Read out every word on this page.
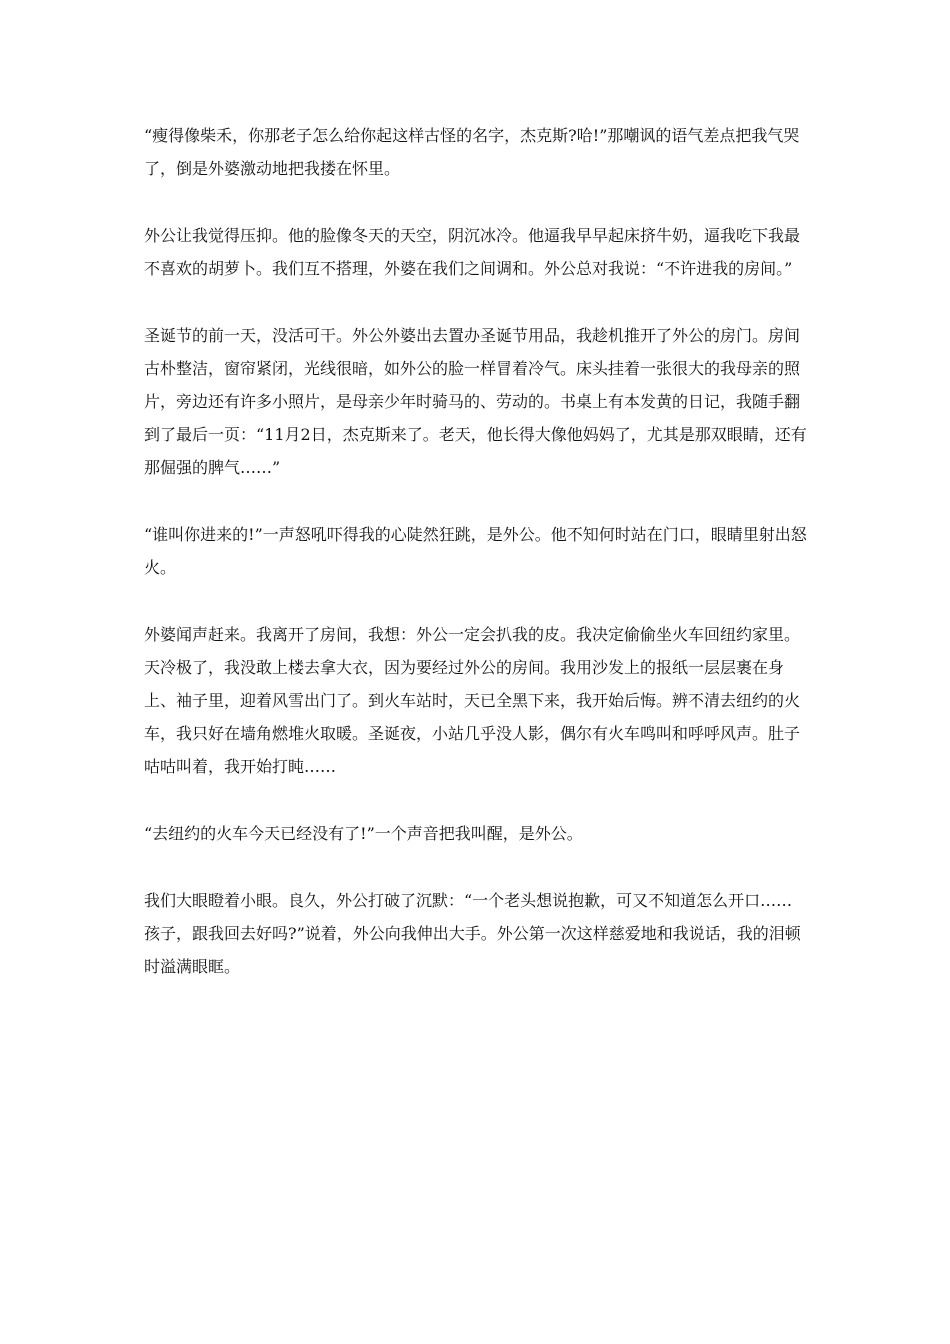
“瘦得像柴禾，你那老子怎么给你起这样古怪的名字，杰克斯?哈!”那嘲讽的语气差点把我气哭了，倒是外婆激动地把我搂在怀里。

外公让我觉得压抑。他的脸像冬天的天空，阴沉冰冷。他逼我早早起床挤牛奶，逼我吃下我最不喜欢的胡萝卜。我们互不搭理，外婆在我们之间调和。外公总对我说：“不许进我的房间。”

圣诞节的前一天，没活可干。外公外婆出去置办圣诞节用品，我趁机推开了外公的房门。房间古朴整洁，窗帘紧闭，光线很暗，如外公的脸一样冒着冷气。床头挂着一张很大的我母亲的照片，旁边还有许多小照片，是母亲少年时骑马的、劳动的。书桌上有本发黄的日记，我随手翻到了最后一页：“11月2日，杰克斯来了。老天，他长得大像他妈妈了，尤其是那双眼睛，还有那倔强的脾气……”

“谁叫你进来的!”一声怒吼吓得我的心陡然狂跳，是外公。他不知何时站在门口，眼睛里射出怒火。

外婆闻声赶来。我离开了房间，我想：外公一定会扒我的皮。我决定偷偷坐火车回纽约家里。天冷极了，我没敢上楼去拿大衣，因为要经过外公的房间。我用沙发上的报纸一层层裹在身上、袖子里，迎着风雪出门了。到火车站时，天已全黑下来，我开始后悔。辨不清去纽约的火车，我只好在墙角燃堆火取暖。圣诞夜，小站几乎没人影，偶尔有火车鸣叫和呼呼风声。肚子咕咕叫着，我开始打盹……

“去纽约的火车今天已经没有了!”一个声音把我叫醒，是外公。

我们大眼瞪着小眼。良久，外公打破了沉默：“一个老头想说抱歉，可又不知道怎么开口……孩子，跟我回去好吗?”说着，外公向我伸出大手。外公第一次这样慈爱地和我说话，我的泪顿时溢满眼眶。
